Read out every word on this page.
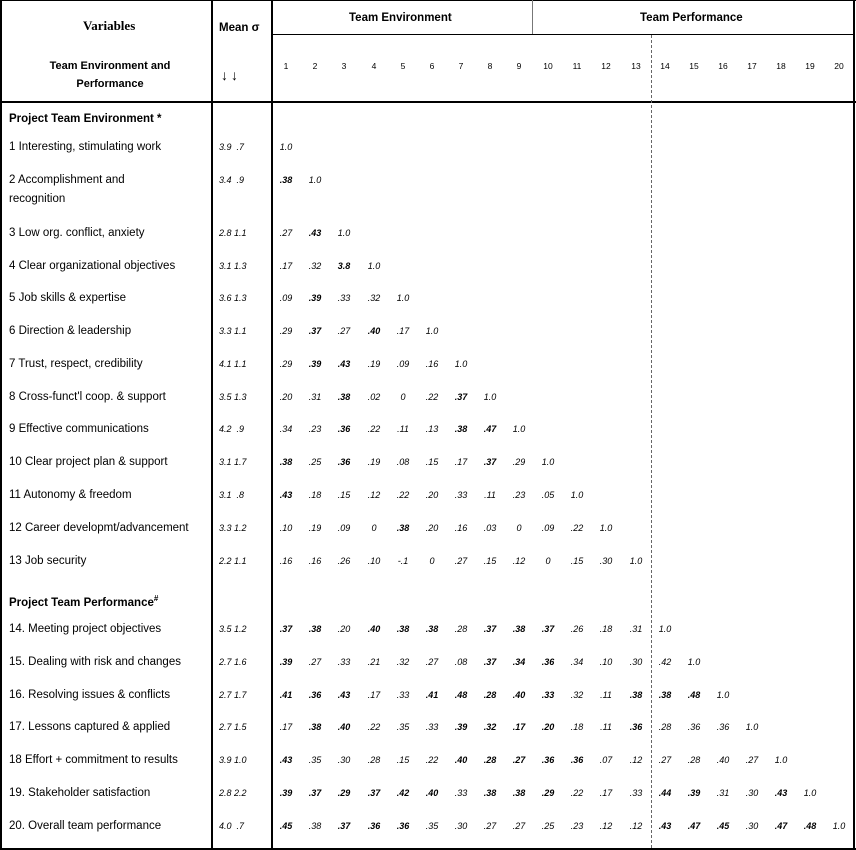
Variables	Mean σ
↓↓
Team Environment and
Performance
Team Environment	Team Performance
1	2	3	4	5	6	7	8	9	10	11	12	13	14	15	16	17	18	19	20
Project Team Environment *
Project Team Performance#
1 Interesting, stimulating work	3.9  .7	1.0
2 Accomplishment and
recognition
3.4  .9	.38	1.0
3 Low org. conflict, anxiety	2.8 1.1	.27	.43	1.0
4 Clear organizational objectives	3.1 1.3	.17	.32	3.8	1.0
5 Job skills & expertise	3.6 1.3	.09	.39	.33	.32	1.0
6 Direction & leadership	3.3 1.1	.29	.37	.27	.40	.17	1.0
7 Trust, respect, credibility	4.1 1.1	.29	.39	.43	.19	.09	.16	1.0
8 Cross-funct'l coop. & support	3.5 1.3	.20	.31	.38	.02	0	.22	.37	1.0
9 Effective communications	4.2  .9	.34	.23	.36	.22	.11	.13	.38	.47	1.0
10 Clear project plan & support	3.1 1.7	.38	.25	.36	.19	.08	.15	.17	.37	.29	1.0
11 Autonomy & freedom	3.1  .8	.43	.18	.15	.12	.22	.20	.33	.11	.23	.05	1.0
12 Career developmt/advancement	3.3 1.2	.10	.19	.09	0	.38	.20	.16	.03	0	.09	.22	1.0
13 Job security	2.2 1.1	.16	.16	.26	.10	-.1	0	.27	.15	.12	0	.15	.30	1.0
14. Meeting project objectives	3.5 1.2	.37	.38	.20	.40	.38	.38	.28	.37	.38	.37	.26	.18	.31	1.0
15. Dealing with risk and changes	2.7 1.6	.39	.27	.33	.21	.32	.27	.08	.37	.34	.36	.34	.10	.30	.42	1.0
16. Resolving issues & conflicts	2.7 1.7	.41	.36	.43	.17	.33	.41	.48	.28	.40	.33	.32	.11	.38	.38	.48	1.0
17. Lessons captured & applied	2.7 1.5	.17	.38	.40	.22	.35	.33	.39	.32	.17	.20	.18	.11	.36	.28	.36	.36	1.0
18 Effort + commitment to results	3.9 1.0	.43	.35	.30	.28	.15	.22	.40	.28	.27	.36	.36	.07	.12	.27	.28	.40	.27	1.0
19. Stakeholder satisfaction	2.8 2.2	.39	.37	.29	.37	.42	.40	.33	.38	.38	.29	.22	.17	.33	.44	.39	.31	.30	.43	1.0
20. Overall team performance	4.0  .7	.45	.38	.37	.36	.36	.35	.30	.27	.27	.25	.23	.12	.12	.43	.47	.45	.30	.47	.48	1.0
